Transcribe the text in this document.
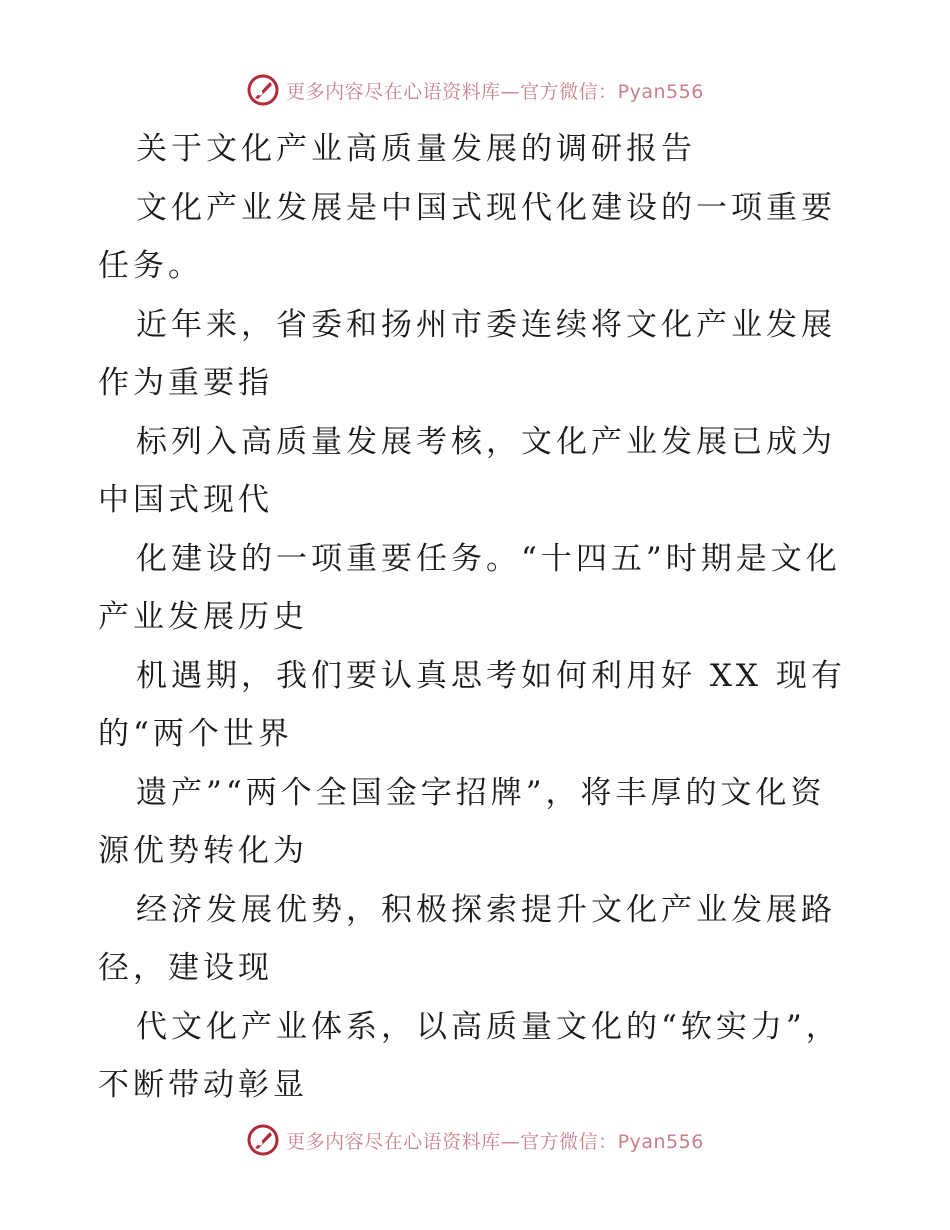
更多内容尽在心语资料库—官方微信：Pyan556

关于文化产业高质量发展的调研报告

文化产业发展是中国式现代化建设的一项重要任务。

近年来，省委和扬州市委连续将文化产业发展作为重要指

标列入高质量发展考核，文化产业发展已成为中国式现代

化建设的一项重要任务。“十四五”时期是文化产业发展历史

机遇期，我们要认真思考如何利用好 XX 现有的“两个世界

遗产”“两个全国金字招牌”，将丰厚的文化资源优势转化为

经济发展优势，积极探索提升文化产业发展路径，建设现

代文化产业体系，以高质量文化的“软实力”，不断带动彰显

更多内容尽在心语资料库—官方微信：Pyan556
